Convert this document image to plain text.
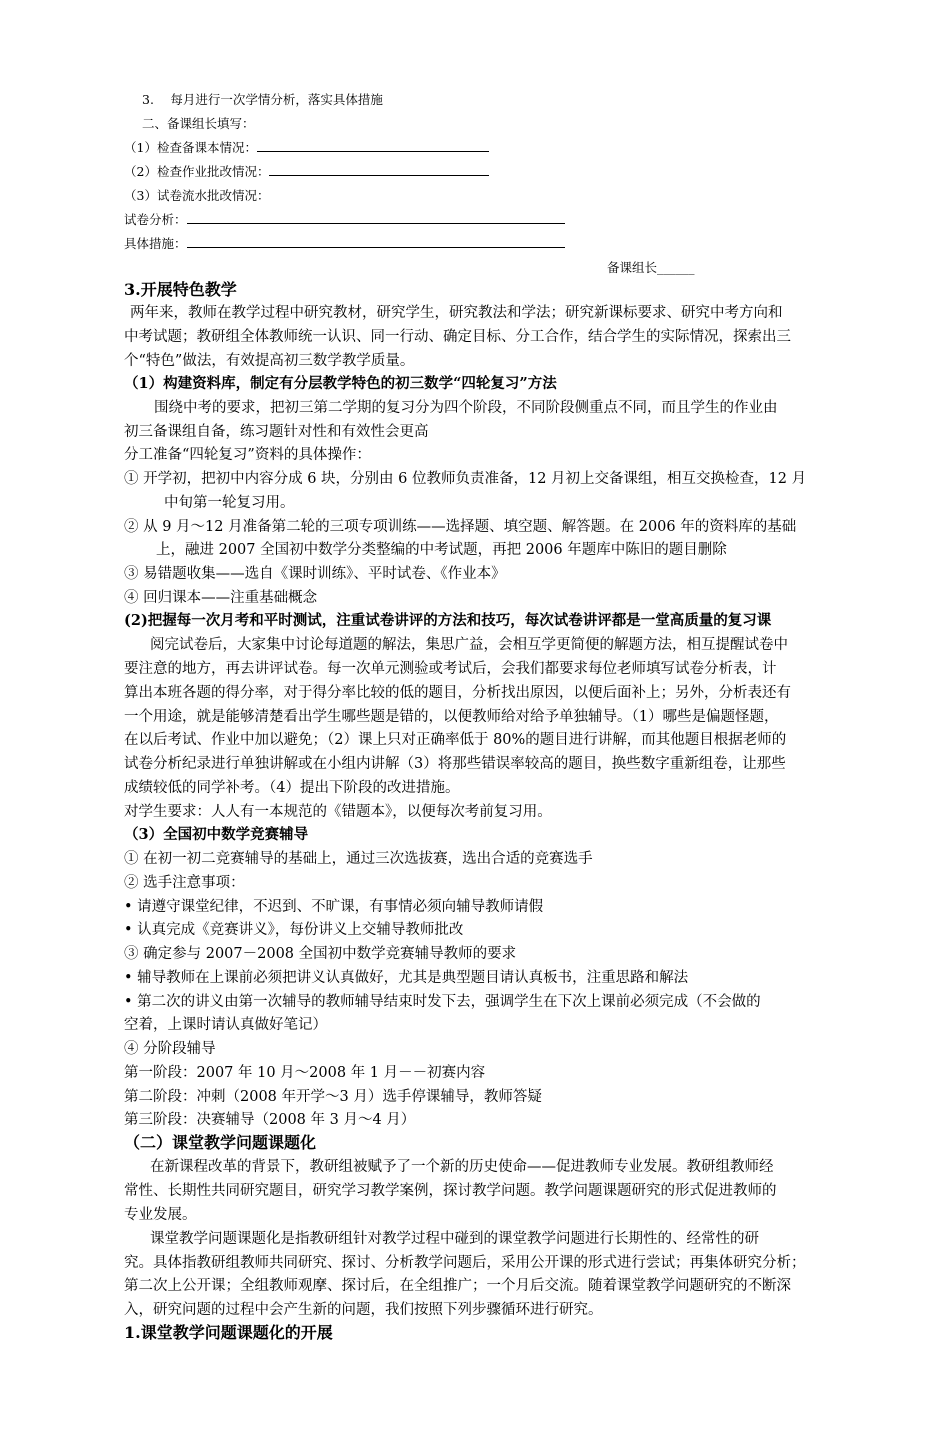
3.　 每月进行一次学情分析，落实具体措施
二、备课组长填写：
（1）检查备课本情况：
（2）检查作业批改情况：
（3）试卷流水批改情况：
试卷分析：
具体措施：
备课组长______
3.开展特色教学
两年来，教师在教学过程中研究教材，研究学生，研究教法和学法；研究新课标要求、研究中考方向和
中考试题；教研组全体教师统一认识、同一行动、确定目标、分工合作，结合学生的实际情况，探索出三
个“特色”做法，有效提高初三数学教学质量。
（1）构建资料库，制定有分层教学特色的初三数学“四轮复习”方法
围绕中考的要求，把初三第二学期的复习分为四个阶段，不同阶段侧重点不同，而且学生的作业由
初三备课组自备，练习题针对性和有效性会更高
分工准备“四轮复习”资料的具体操作：
① 开学初，把初中内容分成 6 块，分别由 6 位教师负责准备，12 月初上交备课组，相互交换检查，12 月
中旬第一轮复习用。
② 从 9 月～12 月准备第二轮的三项专项训练——选择题、填空题、解答题。在 2006 年的资料库的基础
上，融进 2007 全国初中数学分类整编的中考试题，再把 2006 年题库中陈旧的题目删除
③ 易错题收集——选自《课时训练》、平时试卷、《作业本》
④ 回归课本——注重基础概念
(2)把握每一次月考和平时测试，注重试卷讲评的方法和技巧，每次试卷讲评都是一堂高质量的复习课
阅完试卷后，大家集中讨论每道题的解法，集思广益，会相互学更简便的解题方法，相互提醒试卷中
要注意的地方，再去讲评试卷。每一次单元测验或考试后，会我们都要求每位老师填写试卷分析表，计
算出本班各题的得分率，对于得分率比较的低的题目，分析找出原因，以便后面补上；另外，分析表还有
一个用途，就是能够清楚看出学生哪些题是错的，以便教师给对给予单独辅导。（1）哪些是偏题怪题，
在以后考试、作业中加以避免；（2）课上只对正确率低于 80%的题目进行讲解，而其他题目根据老师的
试卷分析纪录进行单独讲解或在小组内讲解（3）将那些错误率较高的题目，换些数字重新组卷，让那些
成绩较低的同学补考。（4）提出下阶段的改进措施。
对学生要求：人人有一本规范的《错题本》，以便每次考前复习用。
（3）全国初中数学竞赛辅导
① 在初一初二竞赛辅导的基础上，通过三次选拔赛，选出合适的竞赛选手
② 选手注意事项：
• 请遵守课堂纪律，不迟到、不旷课，有事情必须向辅导教师请假
• 认真完成《竞赛讲义》，每份讲义上交辅导教师批改
③ 确定参与 2007－2008 全国初中数学竞赛辅导教师的要求
• 辅导教师在上课前必须把讲义认真做好，尤其是典型题目请认真板书，注重思路和解法
• 第二次的讲义由第一次辅导的教师辅导结束时发下去，强调学生在下次上课前必须完成（不会做的
空着，上课时请认真做好笔记）
④ 分阶段辅导
第一阶段：2007 年 10 月～2008 年 1 月－－初赛内容
第二阶段：冲刺（2008 年开学～3 月）选手停课辅导，教师答疑
第三阶段：决赛辅导（2008 年 3 月～4 月）
（二）课堂教学问题课题化
在新课程改革的背景下，教研组被赋予了一个新的历史使命——促进教师专业发展。教研组教师经
常性、长期性共同研究题目，研究学习教学案例，探讨教学问题。教学问题课题研究的形式促进教师的
专业发展。
课堂教学问题课题化是指教研组针对教学过程中碰到的课堂教学问题进行长期性的、经常性的研
究。具体指教研组教师共同研究、探讨、分析教学问题后，采用公开课的形式进行尝试；再集体研究分析；
第二次上公开课；全组教师观摩、探讨后，在全组推广；一个月后交流。随着课堂教学问题研究的不断深
入，研究问题的过程中会产生新的问题，我们按照下列步骤循环进行研究。
1.课堂教学问题课题化的开展
